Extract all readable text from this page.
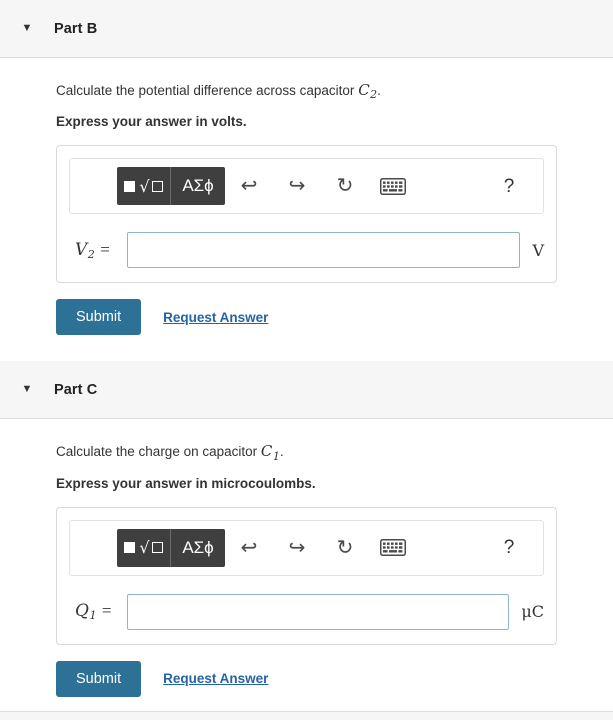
▼	Part B
Calculate the potential difference across capacitor $C_2$.
Express your answer in volts.
√	ΑΣϕ	↩	↪	↻	?
V2 =	V
Submit	Request Answer
▼	Part C
Calculate the charge on capacitor $C_1$.
Express your answer in microcoulombs.
√	ΑΣϕ	↩	↪	↻	?
Q1 =	μC
Submit	Request Answer
